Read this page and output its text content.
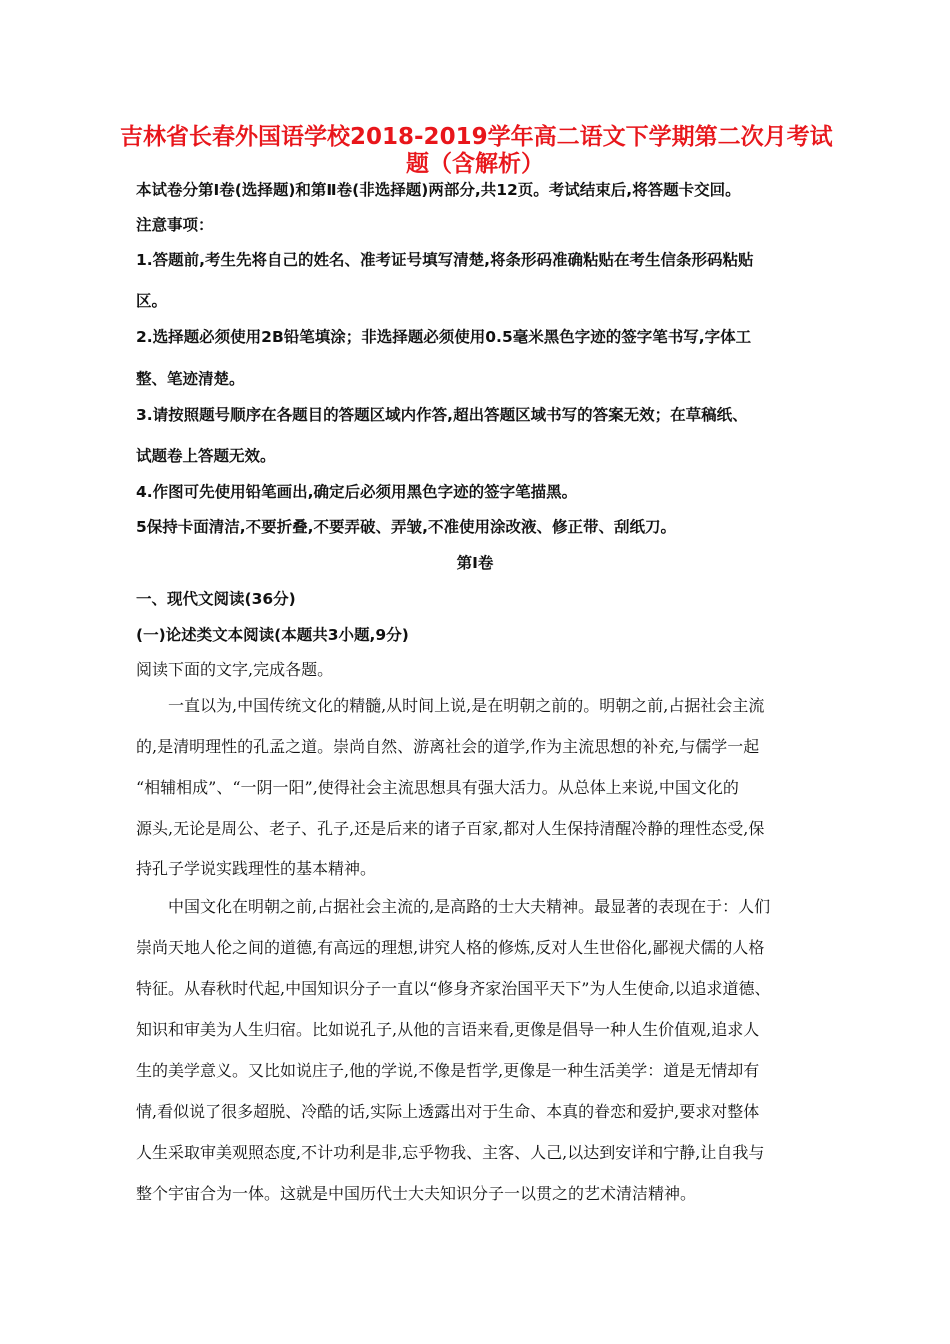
吉林省长春外国语学校2018-2019学年高二语文下学期第二次月考试
题（含解析）
本试卷分第Ⅰ卷(选择题)和第Ⅱ卷(非选择题)两部分,共12页。考试结束后,将答题卡交回。
注意事项：
1.答题前,考生先将自己的姓名、准考证号填写清楚,将条形码准确粘贴在考生信条形码粘贴
区。
2.选择题必须使用2B铅笔填涂；非选择题必须使用0.5毫米黑色字迹的签字笔书写,字体工
整、笔迹清楚。
3.请按照题号顺序在各题目的答题区域内作答,超出答题区域书写的答案无效；在草稿纸、
试题卷上答题无效。
4.作图可先使用铅笔画出,确定后必须用黑色字迹的签字笔描黑。
5保持卡面清洁,不要折叠,不要弄破、弄皱,不准使用涂改液、修正带、刮纸刀。
第Ⅰ卷
一、现代文阅读(36分)
(一)论述类文本阅读(本题共3小题,9分)
阅读下面的文字,完成各题。
一直以为,中国传统文化的精髓,从时间上说,是在明朝之前的。明朝之前,占据社会主流
的,是清明理性的孔孟之道。崇尚自然、游离社会的道学,作为主流思想的补充,与儒学一起
“相辅相成”、“一阴一阳”,使得社会主流思想具有强大活力。从总体上来说,中国文化的
源头,无论是周公、老子、孔子,还是后来的诸子百家,都对人生保持清醒冷静的理性态受,保
持孔子学说实践理性的基本精神。
中国文化在明朝之前,占据社会主流的,是高路的士大夫精神。最显著的表现在于：人们
崇尚天地人伦之间的道德,有高远的理想,讲究人格的修炼,反对人生世俗化,鄙视犬儒的人格
特征。从春秋时代起,中国知识分子一直以“修身齐家治国平天下”为人生使命,以追求道德、
知识和审美为人生归宿。比如说孔子,从他的言语来看,更像是倡导一种人生价值观,追求人
生的美学意义。又比如说庄子,他的学说,不像是哲学,更像是一种生活美学：道是无情却有
情,看似说了很多超脱、冷酷的话,实际上透露出对于生命、本真的眷恋和爱护,要求对整体
人生采取审美观照态度,不计功利是非,忘乎物我、主客、人己,以达到安详和宁静,让自我与
整个宇宙合为一体。这就是中国历代士大夫知识分子一以贯之的艺术清洁精神。
